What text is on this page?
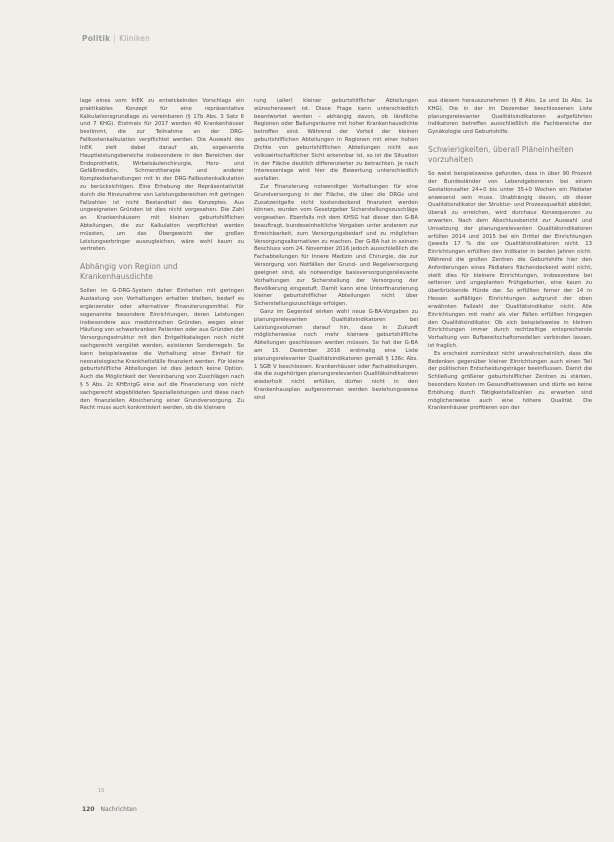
Politik | Kliniken

lage eines vom InEK zu entwickelnden Vorschlags ein praktikables Konzept für eine repräsentative Kalkulationsgrundlage zu vereinbaren (§ 17b Abs. 3 Satz 6 und 7 KHG). Erstmals für 2017 werden 40 Krankenhäuser bestimmt, die zur Teilnahme an der DRG-Fallkostenkalkulation verpflichtet werden. Die Auswahl des InEK zielt dabei darauf ab, sogenannte Hauptleistungsbereiche insbesondere in den Bereichen der Endoprothetik, Wirbelsäulenchirurgie, Herz- und Gefäßmedizin, Schmerztherapie und anderer Komplexbehandlungen mit in der DRG-Fallkostenkalkulation zu berücksichtigen. Eine Erhebung der Repräsentativität durch die Hinzunahme von Leistungsbereichen mit geringen Fallzahlen ist nicht Bestandteil des Konzeptes. Aus ungeeigneten Gründen ist dies nicht vorgesehen. Die Zahl an Krankenhäusern mit kleinen geburtshilflichen Abteilungen, die zur Kalkulation verpflichtet werden müssten, um das Übergewicht der großen Leistungserbringer auszugleichen, wäre wohl kaum zu vertreten.

Abhängig von Region und Krankenhausdichte

Sollen im G-DRG-System daher Einheiten mit geringen Auslastung von Vorhaltungen erhalten bleiben, bedarf es ergänzender oder alternativer Finanzierungsmittel. Für sogenannte besondere Einrichtungen, deren Leistungen insbesondere aus medizinischen Gründen, wegen einer Häufung von schwerkranken Patienten oder aus Gründen der Versorgungsstruktur mit den Entgeltkatalogen noch nicht sachgerecht vergütet werden, existieren Sonderregeln. So kann beispielsweise die Vorhaltung einer Einheit für neonatologische Krankheitsfälle finanziert werden. Für kleine geburtshilfliche Abteilungen ist dies jedoch keine Option. Auch die Möglichkeit der Vereinbarung von Zuschlägen nach § 5 Abs. 2c KHEntgG eine auf die Finanzierung von nicht sachgerecht abgebildeten Spezialleistungen und diese nach den finanziellen Absicherung einer Grundversorgung. Zu Recht muss auch konkretisiert werden, ob die kleinere

rung (aller) kleiner geburtshilflicher Abteilungen wünschenswert ist. Diese Frage kann unterschiedlich beantwortet werden – abhängig davon, ob ländliche Regionen oder Ballungsräume mit hoher Krankenhausdichte betroffen sind. Während der Vorteil der kleinen geburtshilflichen Abteilungen in Regionen mit einer hohen Dichte von geburtshilflichen Abteilungen nicht aus volkswirtschaftlicher Sicht erkennbar ist, so ist die Situation in der Fläche deutlich differenzierter zu betrachten. Je nach Interessenlage wird hier die Bewertung unterschiedlich ausfallen.

Zur Finanzierung notwendiger Vorhaltungen für eine Grundversorgung in der Fläche, die über die DRGs und Zusatzentgelte nicht kostendeckend finanziert werden können, wurden vom Gesetzgeber Sicherstellungszuschläge vorgesehen. Ebenfalls mit dem KHSG hat dieser den G-BA beauftragt, bundeseinheitliche Vorgaben unter anderem zur Erreichbarkeit, zum Versorgungsbedarf und zu möglichen Versorgungsalternativen zu machen. Der G-BA hat in seinem Beschluss vom 24. November 2016 jedoch ausschließlich die Fachabteilungen für Innere Medizin und Chirurgie, die zur Versorgung von Notfällen der Grund- und Regelversorgung geeignet sind, als notwendige basisversorgungsrelevante Vorhaltungen zur Sicherstellung der Versorgung der Bevölkerung eingestuft. Damit kann eine Unterfinanzierung kleiner geburtshilflicher Abteilungen nicht über Sicherstellungszuschläge erfolgen.

Ganz im Gegenteil wirken wohl neue G-BA-Vorgaben zu planungsrelevanten Qualitätsindikatoren bei Leistungsvolumen darauf hin, dass in Zukunft möglicherweise noch mehr kleinere geburtshilfliche Abteilungen geschlossen werden müssen. So hat der G-BA am 15. Dezember 2016 erstmalig eine Liste planungsrelevanter Qualitätsindikatoren gemäß § 136c Abs. 1 SGB V beschlossen. Krankenhäuser oder Fachabteilungen, die die zugehörigen planungsrelevanten Qualitätsindikatoren wiederholt nicht erfüllen, dürfen nicht in den Krankenhausplan aufgenommen werden beziehungsweise sind

aus diesem herauszunehmen (§ 8 Abs. 1a und 1b Abs. 1a KHG). Die in der im Dezember beschlossenen Liste planungsrelevanter Qualitätsindikatoren aufgeführten Indikatoren betreffen ausschließlich die Fachbereiche der Gynäkologie und Geburtshilfe.

Schwierigkeiten, überall Pläneinheiten vorzuhalten

So weist beispielsweise gefunden, dass in über 90 Prozent der Bundesländer von Lebendgeborenen bei einem Gestationsalter 24+0 bis unter 35+0 Wochen ein Pädiater anwesend sein muss. Unabhängig davon, ob dieser Qualitätsindikator der Struktur- und Prozessqualität abbildet, überall zu erreichen, wird durchaus Konsequenzen zu erwarten. Nach dem Abschlussbericht zur Auswahl und Umsetzung der planungsrelevanten Qualitätsindikatoren erfüllen 2014 und 2015 bei ein Drittel der Einrichtungen (jeweils 17 % die vor Qualitätsindikatoren nicht. 13 Einrichtungen erfüllten den Indikator in beiden Jahren nicht. Während die großen Zentren die Geburtshilfe hier den Anforderungen eines Pädiaters flächendeckend wohl nicht, stellt dies für kleinere Einrichtungen, insbesondere bei seltenen und ungeplanten Frühgeburten, eine kaum zu überbrückende Hürde dar. So erfüllten ferner der 14 in Hessen auffälligen Einrichtungen aufgrund der oben erwähnten Fallzahl der Qualitätsindikator nicht. Alle Einrichtungen mit mehr als vier Fällen erfüllten hingegen den Qualitätsindikator. Ob sich beispielsweise in kleinen Einrichtungen immer durch rechtzeitige entsprechende Vorhaltung von Rufbereitschaftsmodellen verbinden lassen, ist fraglich.

Es erscheint zumindest nicht unwahrscheinlich, dass die Bedenken gegenüber kleiner Einrichtungen auch einen Teil der politischen Entscheidungsträger beeinflussen. Damit die Schließung größerer geburtshilflicher Zentren zu stärken, besonders Kosten im Gesundheitswesen und dürfe wo keine Erhöhung durch Tätigkeitsfallzahlen zu erwarten sind möglicherweise auch eine höhere Qualität. Die Krankenhäuser profitieren von der

15
120 Nachrichten
